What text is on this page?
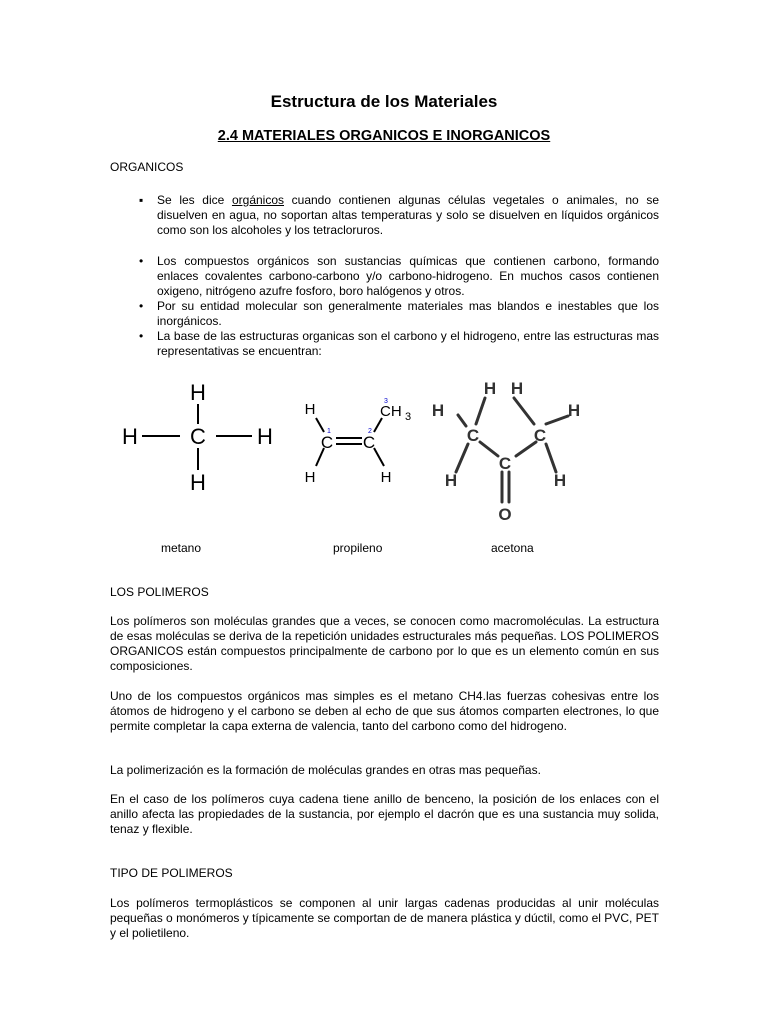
Estructura de los Materiales
2.4 MATERIALES ORGANICOS E INORGANICOS
ORGANICOS
▪ Se les dice orgánicos cuando contienen algunas células vegetales o animales, no se disuelven en agua, no soportan altas temperaturas y solo se disuelven en líquidos orgánicos como son los alcoholes y los tetracloruros.
• Los compuestos orgánicos son sustancias químicas que contienen carbono, formando enlaces covalentes carbono-carbono y/o carbono-hidrogeno. En muchos casos contienen oxigeno, nitrógeno azufre fosforo, boro halógenos y otros.
• Por su entidad molecular son generalmente materiales mas blandos e inestables que los inorgánicos.
• La base de las estructuras organicas son el carbono y el hidrogeno, entre las estructuras mas representativas se encuentran:
H
H C H
H
H
C C
H	H
CH 3
1	2
3
H H
H	H
C	C
C
H	H
O
metano	propileno	acetona
LOS POLIMEROS
Los polímeros son moléculas grandes que a veces, se conocen como macromoléculas. La estructura de esas moléculas se deriva de la repetición unidades estructurales más pequeñas. LOS POLIMEROS ORGANICOS están compuestos principalmente de carbono por lo que es un elemento común en sus composiciones.
Uno de los compuestos orgánicos mas simples es el metano CH4.las fuerzas cohesivas entre los átomos de hidrogeno y el carbono se deben al echo de que sus átomos comparten electrones, lo que permite completar la capa externa de valencia, tanto del carbono como del hidrogeno.
La polimerización es la formación de moléculas grandes en otras mas pequeñas.
En el caso de los polímeros cuya cadena tiene anillo de benceno, la posición de los enlaces con el anillo afecta las propiedades de la sustancia, por ejemplo el dacrón que es una sustancia muy solida, tenaz y flexible.
TIPO DE POLIMEROS
Los polímeros termoplásticos se componen al unir largas cadenas producidas al unir moléculas pequeñas o monómeros y típicamente se comportan de de manera plástica y dúctil, como el PVC, PET y el polietileno.
